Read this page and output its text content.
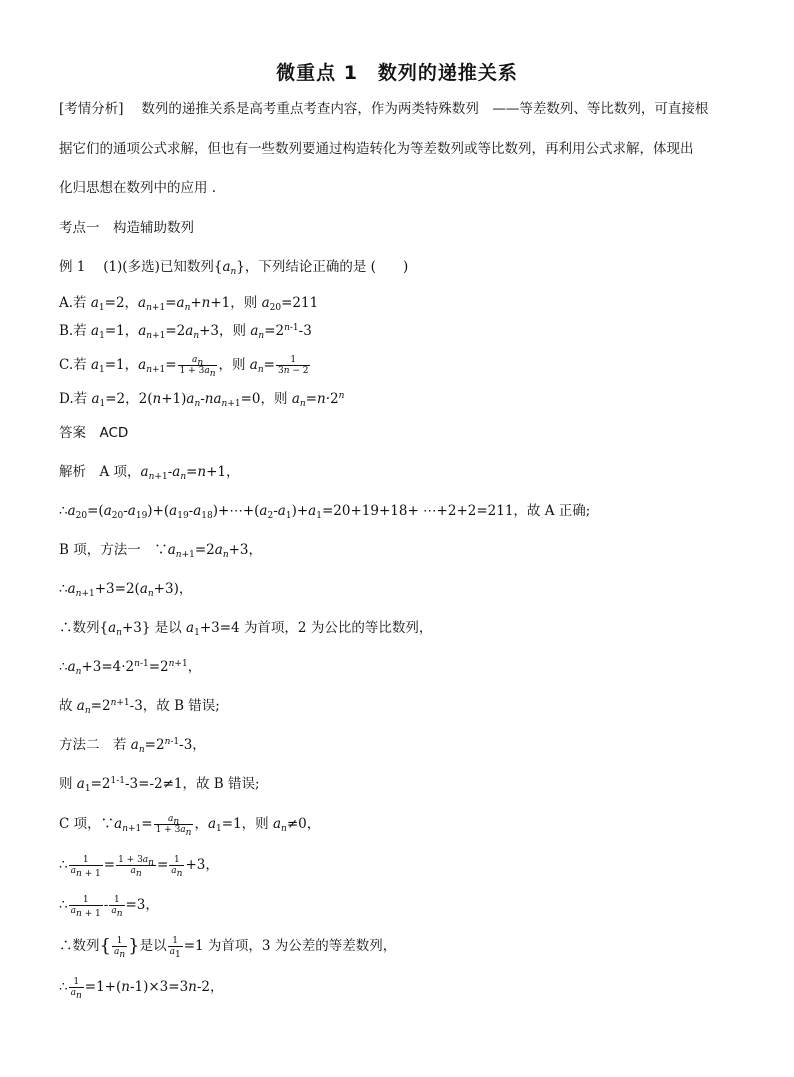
微重点 1　数列的递推关系
[考情分析]　 数列的递推关系是高考重点考查内容，作为两类特殊数列　——等差数列、等比数列，可直接根
据它们的通项公式求解，但也有一些数列要通过构造转化为等差数列或等比数列，再利用公式求解，体现出
化归思想在数列中的应用 .
考点一　构造辅助数列
例 1　 (1)(多选)已知数列$\{a_n\}$，下列结论正确的是 (　　)
A.若 $a_1=2$，$a_{n+1}=a_n+n+1$，则 $a_{20}=211$
B.若 $a_1=1$，$a_{n+1}=2a_n+3$，则 $a_n=2^{n-1}-3$
C.若 $a_1=1$，$a_{n+1}= \frac{a_n}{1 + 3a_n}$ ，则 $a_n= \frac{1}{3n - 2}$
D.若 $a_1=2$，$2(n+1)a_n-na_{n+1}=0$，则 $a_n=n\cdot 2^n$
答案　 ACD
解析　 A 项，$a_{n+1}-a_n=n+1$，
$\therefore a_{20}=(a_{20}-a_{19})+(a_{19}-a_{18})+\cdots+(a_2-a_1)+a_1=20+19+18+$ ⋯+2+2=211，故 A 正确;
B 项，方法一　$\because a_{n+1}=2a_n+3$，
$\therefore a_{n+1}+3=2(a_n+3)$，
∴数列$\{a_n+3\}$ 是以 $a_1+3=4$ 为首项，2 为公比的等比数列，
$\therefore a_n+3=4\cdot 2^{n-1}=2^{n+1}$，
故 $a_n=2^{n+1}-3$，故 B 错误;
方法二　若 $a_n=2^{n-1}-3$，
则 $a_1=2^{1-1}-3=-2\ne 1$，故 B 错误;
C 项，$\because a_{n+1}= \frac{a_n}{1 + 3a_n}$ ，$a_1=1$，则 $a_n\ne 0$，
∴ $\frac{1}{a_{n + 1}} = \frac{1 + 3a_n}{a_n} = \frac{1}{a_n} +3$，
∴ $\frac{1}{a_{n + 1}} - \frac{1}{a_n} =3$，
∴数列{ $\frac{1}{a_n}$ }是以 $\frac{1}{a_1} =1$ 为首项，3 为公差的等差数列，
∴ $\frac{1}{a_n} =1+(n-1)\times 3=3n-2$，
